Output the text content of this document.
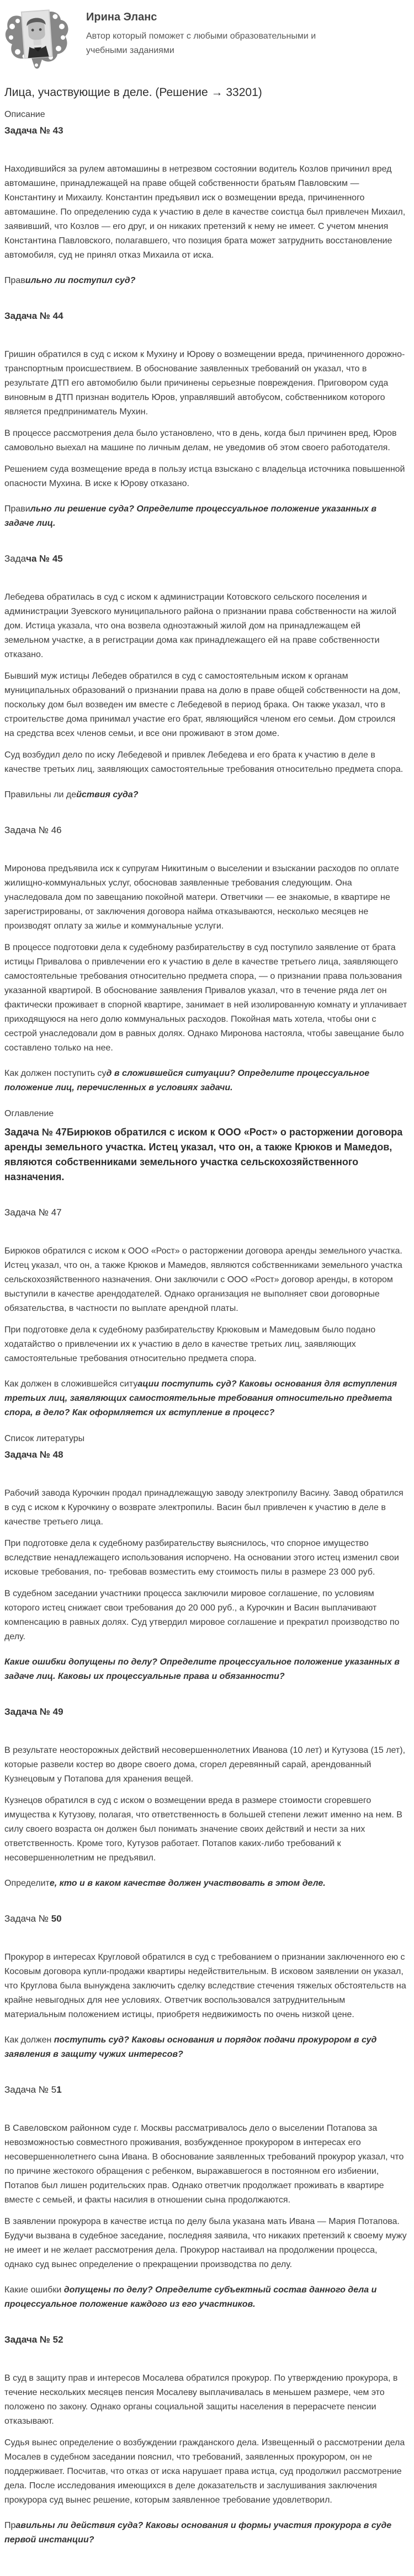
Ирина Эланс

Автор который поможет с любыми образовательными и учебными заданиями

Лица, участвующие в деле. (Решение → 33201)

Описание

Задача № 43

Находившийся за рулем автомашины в нетрезвом состоянии водитель Козлов причинил вред автомашине, принадлежащей на праве общей собственности братьям Павловским — Константину и Михаилу. Константин предъявил иск о возмещении вреда, причиненного автомашине. По определению суда к участию в деле в качестве соистца был привлечен Михаил, заявивший, что Козлов — его друг, и он никаких претензий к нему не имеет. С учетом мнения Константина Павловского, полагавшего, что позиция брата может затруднить восстановление автомобиля, суд не принял отказ Михаила от иска.

Правильно ли поступил суд?

Задача № 44

Гришин обратился в суд с иском к Мухину и Юрову о возмещении вреда, причиненного дорожно-транспортным происшествием. В обоснование заявленных требований он указал, что в результате ДТП его автомобилю были причинены серьезные повреждения. Приговором суда виновным в ДТП признан водитель Юров, управлявший автобусом, собственником которого является предприниматель Мухин.

В процессе рассмотрения дела было установлено, что в день, когда был причинен вред, Юров самовольно выехал на машине по личным делам, не уведомив об этом своего работодателя.

Решением суда возмещение вреда в пользу истца взыскано с владельца источника повышенной опасности Мухина. В иске к Юрову отказано.

Правильно ли решение суда? Определите процессуальное положение указанных в задаче лиц.

Задача № 45

Лебедева обратилась в суд с иском к администрации Котовского сельского поселения и администрации Зуевского муниципального района о признании права собственности на жилой дом. Истица указала, что она возвела одноэтажный жилой дом на принадлежащем ей земельном участке, а в регистрации дома как принадлежащего ей на праве собственности отказано.

Бывший муж истицы Лебедев обратился в суд с самостоятельным иском к органам муниципальных образований о признании права на долю в праве общей собственности на дом, поскольку дом был возведен им вместе с Лебедевой в период брака. Он также указал, что в строительстве дома принимал участие его брат, являющийся членом его семьи. Дом строился на средства всех членов семьи, и все они проживают в этом доме.

Суд возбудил дело по иску Лебедевой и привлек Лебедева и его брата к участию в деле в качестве третьих лиц, заявляющих самостоятельные требования относительно предмета спора.

Правильны ли действия суда?

Задача № 46

Миронова предъявила иск к супругам Никитиным о выселении и взыскании расходов по оплате жилищно-коммунальных услуг, обосновав заявленные требования следующим. Она унаследовала дом по завещанию покойной матери. Ответчики — ее знакомые, в квартире не зарегистрированы, от заключения договора найма отказываются, несколько месяцев не производят оплату за жилье и коммунальные услуги.

В процессе подготовки дела к судебному разбирательству в суд поступило заявление от брата истицы Привалова о привлечении его к участию в деле в качестве третьего лица, заявляющего самостоятельные требования относительно предмета спора, — о признании права пользования указанной квартирой. В обоснование заявления Привалов указал, что в течение ряда лет он фактически проживает в спорной квартире, занимает в ней изолированную комнату и уплачивает приходящуюся на него долю коммунальных расходов. Покойная мать хотела, чтобы они с сестрой унаследовали дом в равных долях. Однако Миронова настояла, чтобы завещание было составлено только на нее.

Как должен поступить суд в сложившейся ситуации? Определите процессуальное положение лиц, перечисленных в условиях задачи.

Оглавление

Задача № 47Бирюков обратился с иском к ООО «Рост» о расторжении договора аренды земельного участка. Истец указал, что он, а также Крюков и Мамедов, являются собственниками земельного участка сельскохозяйственного назначения.

Задача № 47

Бирюков обратился с иском к ООО «Рост» о расторжении договора аренды земельного участка. Истец указал, что он, а также Крюков и Мамедов, являются собственниками земельного участка сельскохозяйственного назначения. Они заключили с ООО «Рост» договор аренды, в котором выступили в качестве арендодателей. Однако организация не выполняет свои договорные обязательства, в частности по выплате арендной платы.

При подготовке дела к судебному разбирательству Крюковым и Мамедовым было подано ходатайство о привлечении их к участию в дело в качестве третьих лиц, заявляющих самостоятельные требования относительно предмета спора.

Как должен в сложившейся ситуации поступить суд? Каковы основания для вступления третьих лиц, заявляющих самостоятельные требования относительно предмета спора, в дело? Как оформляется их вступление в процесс?

Список литературы

Задача № 48

Рабочий завода Курочкин продал принадлежащую заводу электропилу Васину. Завод обратился в суд с иском к Курочкину о возврате электропилы. Васин был привлечен к участию в деле в качестве третьего лица.

При подготовке дела к судебному разбирательству выяснилось, что спорное имущество вследствие ненадлежащего использования испорчено. На основании этого истец изменил свои исковые требования, по- требовав возместить ему стоимость пилы в размере 23 000 руб.

В судебном заседании участники процесса заключили мировое соглашение, по условиям которого истец снижает свои требования до 20 000 руб., а Курочкин и Васин выплачивают компенсацию в равных долях. Суд утвердил мировое соглашение и прекратил производство по делу.

Какие ошибки допущены по делу? Определите процессуальное положение указанных в задаче лиц. Каковы их процессуальные права и обязанности?

Задача № 49

В результате неосторожных действий несовершеннолетних Иванова (10 лет) и Кутузова (15 лет), которые развели костер во дворе своего дома, сгорел деревянный сарай, арендованный Кузнецовым у Потапова для хранения вещей.

Кузнецов обратился в суд с иском о возмещении вреда в размере стоимости сгоревшего имущества к Кутузову, полагая, что ответственность в большей степени лежит именно на нем. В силу своего возраста он должен был понимать значение своих действий и нести за них ответственность. Кроме того, Кутузов работает. Потапов каких-либо требований к несовершеннолетним не предъявил.

Определите, кто и в каком качестве должен участвовать в этом деле.

Задача № 50

Прокурор в интересах Кругловой обратился в суд с требованием о признании заключенного ею с Косовым договора купли-продажи квартиры недействительным. В исковом заявлении он указал, что Круглова была вынуждена заключить сделку вследствие стечения тяжелых обстоятельств на крайне невыгодных для нее условиях. Ответчик воспользовался затруднительным материальным положением истицы, приобретя недвижимость по очень низкой цене.

Как должен поступить суд? Каковы основания и порядок подачи прокурором в суд заявления в защиту чужих интересов?

Задача № 51

В Савеловском районном суде г. Москвы рассматривалось дело о выселении Потапова за невозможностью совместного проживания, возбужденное прокурором в интересах его несовершеннолетнего сына Ивана. В обоснование заявленных требований прокурор указал, что по причине жестокого обращения с ребенком, выражавшегося в постоянном его избиении, Потапов был лишен родительских прав. Однако ответчик продолжает проживать в квартире вместе с семьей, и факты насилия в отношении сына продолжаются.

В заявлении прокурора в качестве истца по делу была указана мать Ивана — Мария Потапова. Будучи вызвана в судебное заседание, последняя заявила, что никаких претензий к своему мужу не имеет и не желает рассмотрения дела. Прокурор настаивал на продолжении процесса, однако суд вынес определение о прекращении производства по делу.

Какие ошибки допущены по делу? Определите субъектный состав данного дела и процессуальное положение каждого из его участников.

Задача № 52

В суд в защиту прав и интересов Мосалева обратился прокурор. По утверждению прокурора, в течение нескольких месяцев пенсия Мосалеву выплачивалась в меньшем размере, чем это положено по закону. Однако органы социальной защиты населения в перерасчете пенсии отказывают.

Судья вынес определение о возбуждении гражданского дела. Извещенный о рассмотрении дела Мосалев в судебном заседании пояснил, что требований, заявленных прокурором, он не поддерживает. Посчитав, что отказ от иска нарушает права истца, суд продолжил рассмотрение дела. После исследования имеющихся в деле доказательств и заслушивания заключения прокурора суд вынес решение, которым заявленное требование удовлетворил.

Правильны ли действия суда? Каковы основания и формы участия прокурора в суде первой инстанции?
